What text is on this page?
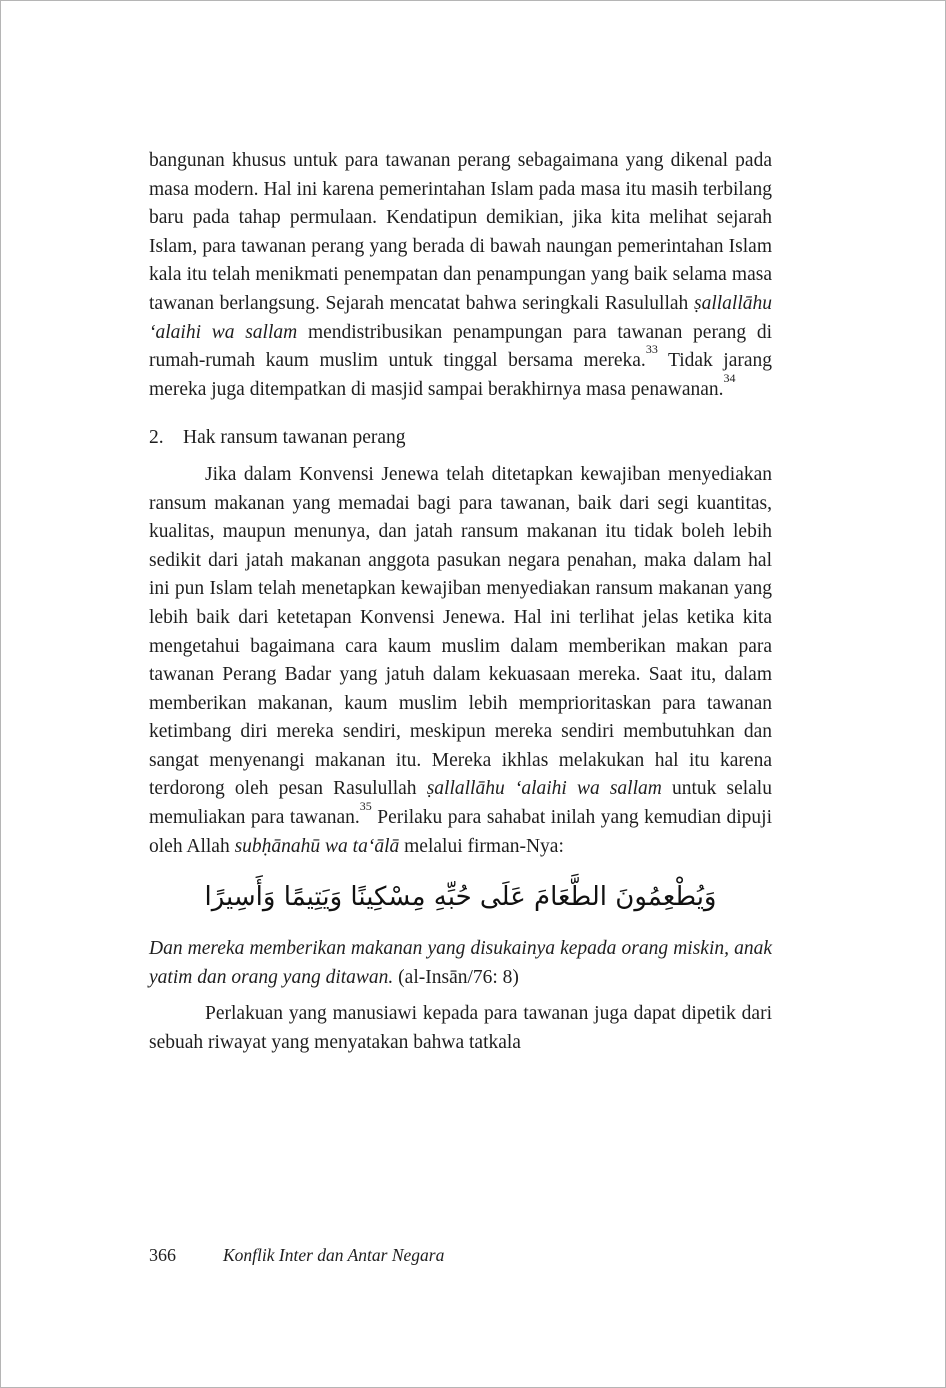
bangunan khusus untuk para tawanan perang sebagaimana yang dikenal pada masa modern. Hal ini karena pemerintahan Islam pada masa itu masih terbilang baru pada tahap permulaan. Kendatipun demikian, jika kita melihat sejarah Islam, para tawanan perang yang berada di bawah naungan pemerintahan Islam kala itu telah menikmati penempatan dan penampungan yang baik selama masa tawanan berlangsung. Sejarah mencatat bahwa seringkali Rasulullah ṣallallāhu ‘alaihi wa sallam mendistribusikan penampungan para tawanan perang di rumah-rumah kaum muslim untuk tinggal bersama mereka.$^{33}$ Tidak jarang mereka juga ditempatkan di masjid sampai berakhirnya masa penawanan.$^{34}$

2. Hak ransum tawanan perang

Jika dalam Konvensi Jenewa telah ditetapkan kewajiban menyediakan ransum makanan yang memadai bagi para tawanan, baik dari segi kuantitas, kualitas, maupun menunya, dan jatah ransum makanan itu tidak boleh lebih sedikit dari jatah makanan anggota pasukan negara penahan, maka dalam hal ini pun Islam telah menetapkan kewajiban menyediakan ransum makanan yang lebih baik dari ketetapan Konvensi Jenewa. Hal ini terlihat jelas ketika kita mengetahui bagaimana cara kaum muslim dalam memberikan makan para tawanan Perang Badar yang jatuh dalam kekuasaan mereka. Saat itu, dalam memberikan makanan, kaum muslim lebih memprioritaskan para tawanan ketimbang diri mereka sendiri, meskipun mereka sendiri membutuhkan dan sangat menyenangi makanan itu. Mereka ikhlas melakukan hal itu karena terdorong oleh pesan Rasulullah ṣallallāhu ‘alaihi wa sallam untuk selalu memuliakan para tawanan.$^{35}$ Perilaku para sahabat inilah yang kemudian dipuji oleh Allah subḥānahū wa ta‘ālā melalui firman-Nya:

وَيُطْعِمُونَ الطَّعَامَ عَلَى حُبِّهِ مِسْكِينًا وَيَتِيمًا وَأَسِيرًا

Dan mereka memberikan makanan yang disukainya kepada orang miskin, anak yatim dan orang yang ditawan. (al-Insān/76: 8)

Perlakuan yang manusiawi kepada para tawanan juga dapat dipetik dari sebuah riwayat yang menyatakan bahwa tatkala

366	Konflik Inter dan Antar Negara
